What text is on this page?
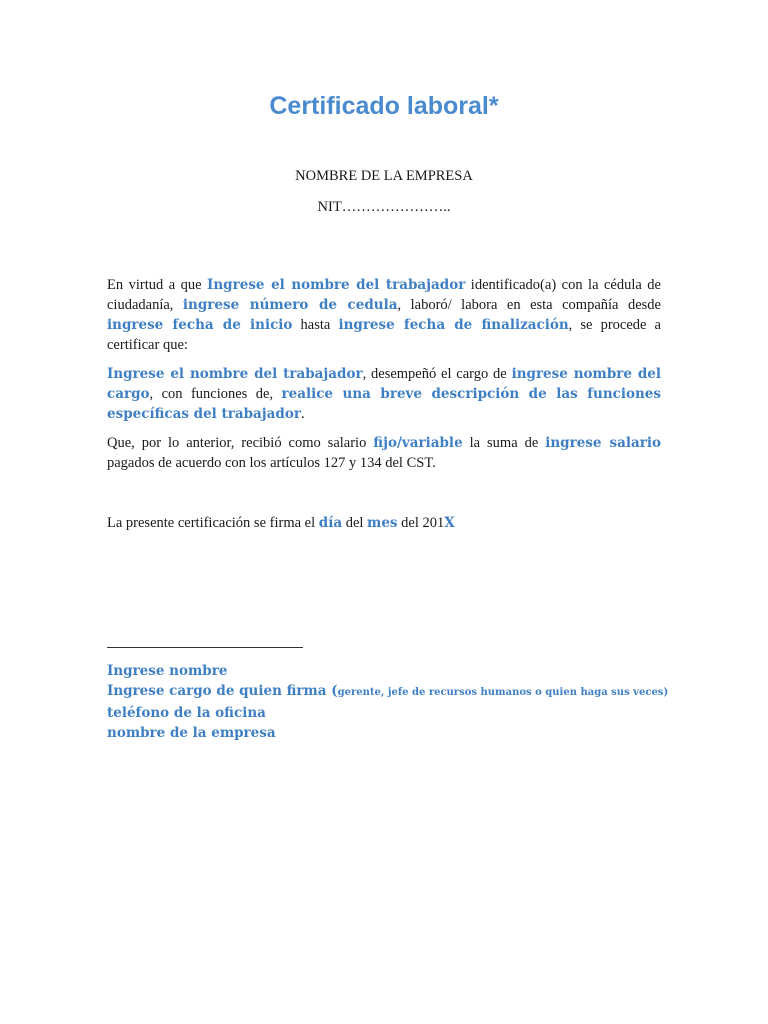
Certificado laboral*
NOMBRE DE LA EMPRESA
NIT…………………..

En virtud a que Ingrese el nombre del trabajador identificado(a) con la cédula de ciudadanía, ingrese número de cedula, laboró/ labora en esta compañía desde ingrese fecha de inicio hasta ingrese fecha de finalización, se procede a certificar que:

Ingrese el nombre del trabajador, desempeñó el cargo de ingrese nombre del cargo, con funciones de, realice una breve descripción de las funciones específicas del trabajador.

Que, por lo anterior, recibió como salario fijo/variable la suma de ingrese salario pagados de acuerdo con los artículos 127 y 134 del CST.

La presente certificación se firma el día del mes del 201X

Ingrese nombre
Ingrese cargo de quien firma (gerente, jefe de recursos humanos o quien haga sus veces)
teléfono de la oficina
nombre de la empresa
